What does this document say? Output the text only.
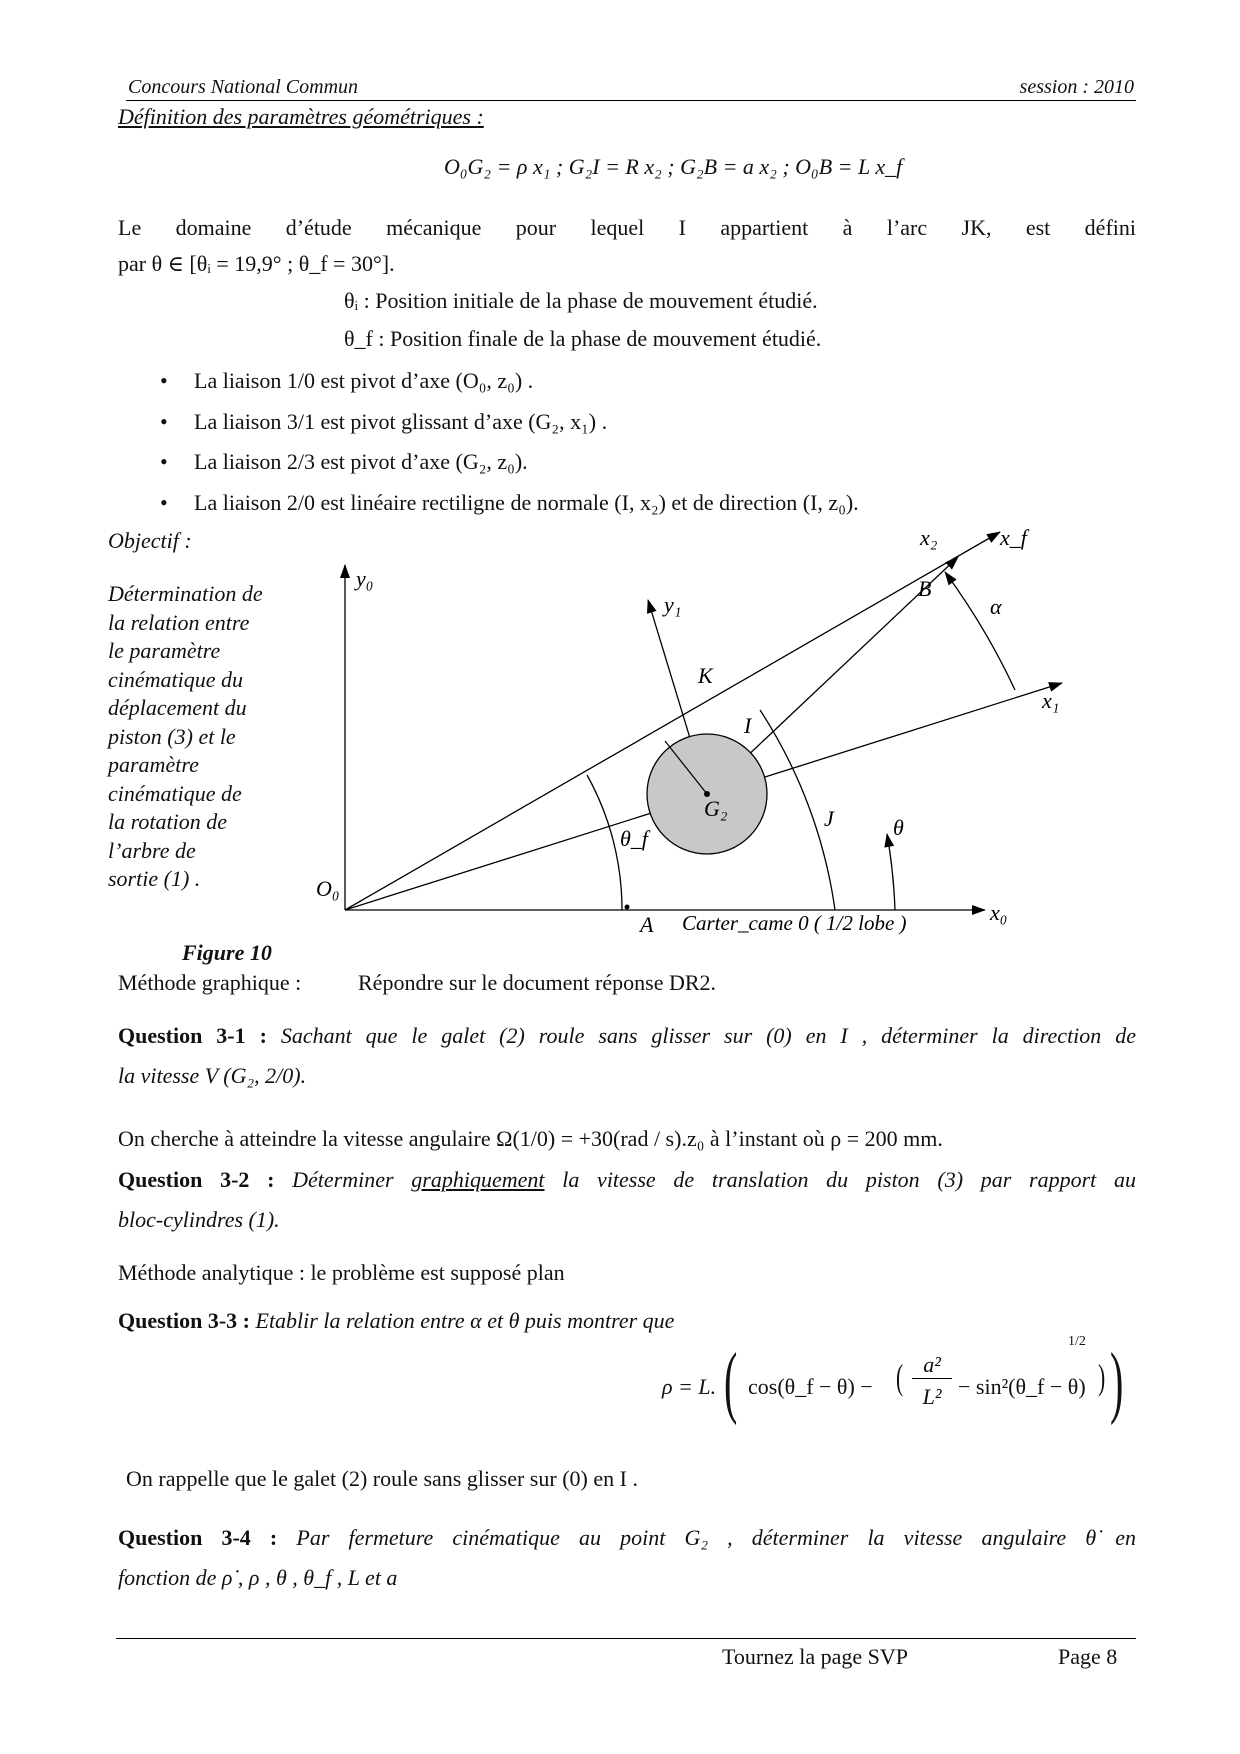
Concours National Commun	session : 2010
Définition des paramètres géométriques :
O₀G₂ = ρ x₁ ; G₂I = R x₂ ; G₂B = a x₂ ; O₀B = L x_f
Le domaine d’étude mécanique pour lequel I appartient à l’arc JK, est défini
par θ ∈ [θᵢ = 19,9° ; θ_f = 30°].
θᵢ : Position initiale de la phase de mouvement étudié.
θ_f : Position finale de la phase de mouvement étudié.
• La liaison 1/0 est pivot d’axe (O₀, z₀) .
• La liaison 3/1 est pivot glissant d’axe (G₂, x₁) .
• La liaison 2/3 est pivot d’axe (G₂, z₀).
• La liaison 2/0 est linéaire rectiligne de normale (I, x₂) et de direction (I, z₀).
Objectif :
Détermination de
la relation entre
le paramètre
cinématique du
déplacement du
piston (3) et le
paramètre
cinématique de
la rotation de
l’arbre de
sortie (1) .
y₀
x₀
x₁
y₁
x₂	x_f
O₀
A
B
K
I
J
G₂
θ
θ_f
α
Carter_came 0 ( 1/2 lobe )
Figure 10
Méthode graphique :	Répondre sur le document réponse DR2.
Question 3-1 : Sachant que le galet (2) roule sans glisser sur (0) en I , déterminer la direction de
la vitesse V (G₂, 2/0).
On cherche à atteindre la vitesse angulaire Ω(1/0) = +30(rad / s).z₀ à l’instant où ρ = 200 mm.
Question 3-2 : Déterminer graphiquement la vitesse de translation du piston (3) par rapport au
bloc-cylindres (1).
Méthode analytique : le problème est supposé plan
Question 3-3 : Etablir la relation entre α et θ puis montrer que
ρ = L. ( cos(θ_f − θ) − ( a²
L² − sin²(θ_f − θ) ) )
1/2
On rappelle que le galet (2) roule sans glisser sur (0) en I .
Question 3-4 : Par fermeture cinématique au point G₂ , déterminer la vitesse angulaire θ̇ en
fonction de ρ̇ , ρ , θ , θ_f , L et a
Tournez la page SVP	Page 8
